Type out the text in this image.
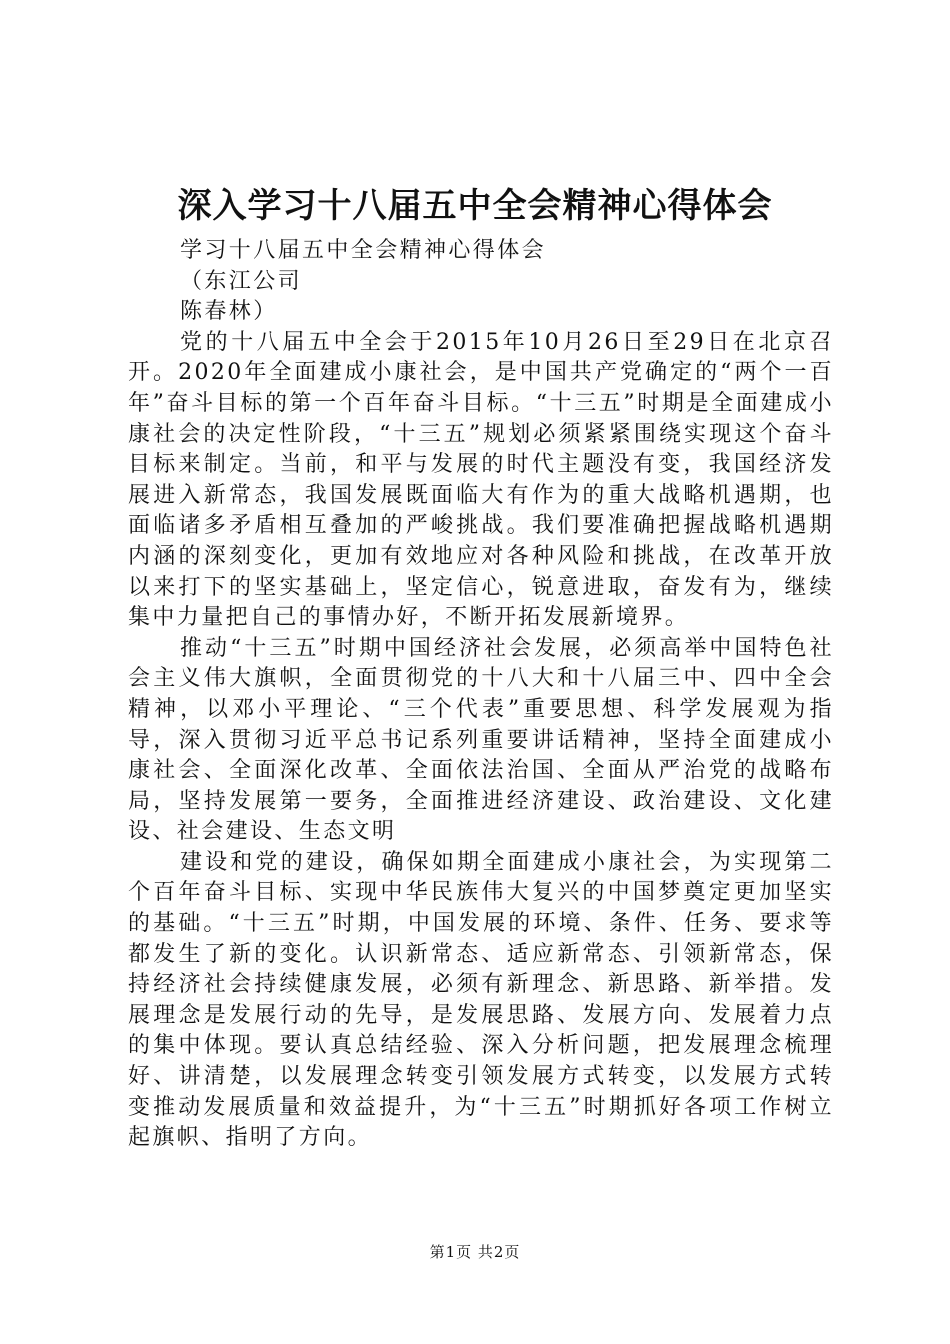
深入学习十八届五中全会精神心得体会
学习十八届五中全会精神心得体会
（东江公司
陈春林）

党的十八届五中全会于2015年10月26日至29日在北京召开。2020年全面建成小康社会，是中国共产党确定的“两个一百年”奋斗目标的第一个百年奋斗目标。“十三五”时期是全面建成小康社会的决定性阶段，“十三五”规划必须紧紧围绕实现这个奋斗目标来制定。当前，和平与发展的时代主题没有变，我国经济发展进入新常态，我国发展既面临大有作为的重大战略机遇期，也面临诸多矛盾相互叠加的严峻挑战。我们要准确把握战略机遇期内涵的深刻变化，更加有效地应对各种风险和挑战，在改革开放以来打下的坚实基础上，坚定信心，锐意进取，奋发有为，继续集中力量把自己的事情办好，不断开拓发展新境界。

推动“十三五”时期中国经济社会发展，必须高举中国特色社会主义伟大旗帜，全面贯彻党的十八大和十八届三中、四中全会精神，以邓小平理论、“三个代表”重要思想、科学发展观为指导，深入贯彻习近平总书记系列重要讲话精神，坚持全面建成小康社会、全面深化改革、全面依法治国、全面从严治党的战略布局，坚持发展第一要务，全面推进经济建设、政治建设、文化建设、社会建设、生态文明

建设和党的建设，确保如期全面建成小康社会，为实现第二个百年奋斗目标、实现中华民族伟大复兴的中国梦奠定更加坚实的基础。“十三五”时期，中国发展的环境、条件、任务、要求等都发生了新的变化。认识新常态、适应新常态、引领新常态，保持经济社会持续健康发展，必须有新理念、新思路、新举措。发展理念是发展行动的先导，是发展思路、发展方向、发展着力点的集中体现。要认真总结经验、深入分析问题，把发展理念梳理好、讲清楚，以发展理念转变引领发展方式转变，以发展方式转变推动发展质量和效益提升，为“十三五”时期抓好各项工作树立起旗帜、指明了方向。

第1页 共2页
